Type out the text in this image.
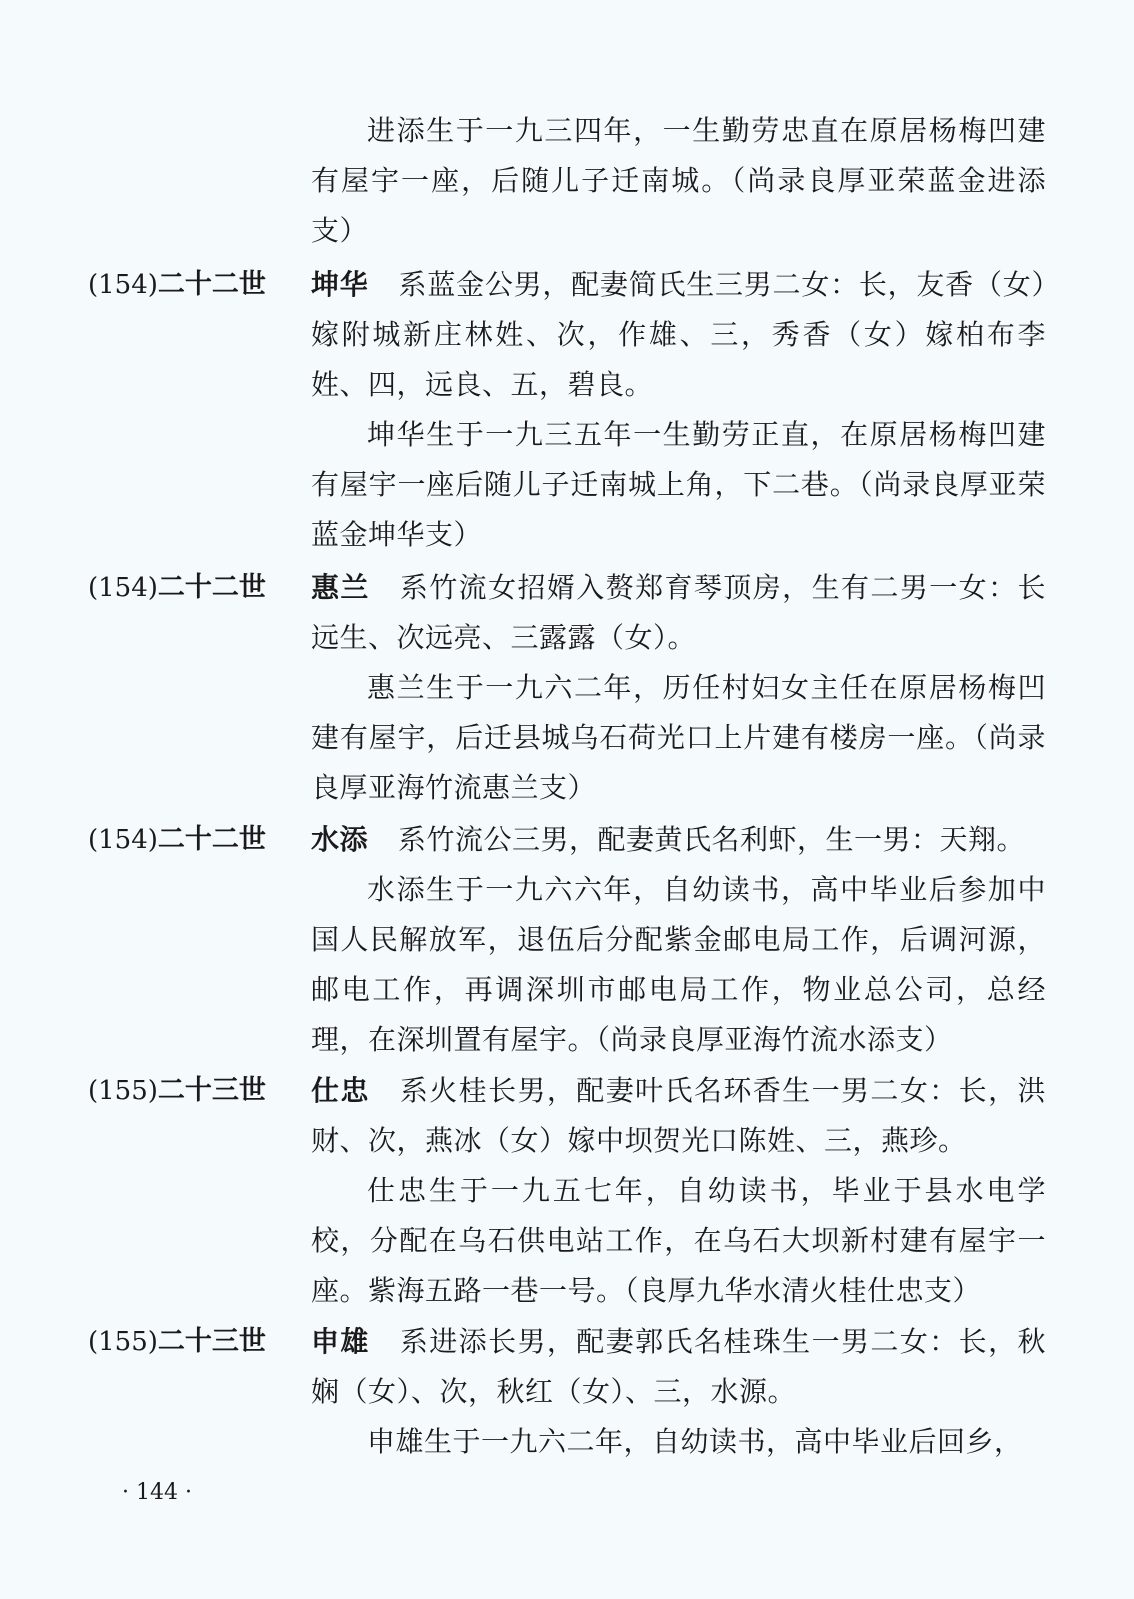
进添生于一九三四年，一生勤劳忠直在原居杨梅凹建有屋宇一座，后随儿子迁南城。（尚录良厚亚荣蓝金进添支）

(154)二十二世 坤华 系蓝金公男，配妻简氏生三男二女：长，友香（女）嫁附城新庄林姓、次，作雄、三，秀香（女）嫁柏布李姓、四，远良、五，碧良。

坤华生于一九三五年一生勤劳正直，在原居杨梅凹建有屋宇一座后随儿子迁南城上角，下二巷。（尚录良厚亚荣蓝金坤华支）

(154)二十二世 惠兰 系竹流女招婿入赘郑育琴顶房，生有二男一女：长远生、次远亮、三露露（女）。

惠兰生于一九六二年，历任村妇女主任在原居杨梅凹建有屋宇，后迁县城乌石荷光口上片建有楼房一座。（尚录良厚亚海竹流惠兰支）

(154)二十二世 水添 系竹流公三男，配妻黄氏名利虾，生一男：天翔。

水添生于一九六六年，自幼读书，高中毕业后参加中国人民解放军，退伍后分配紫金邮电局工作，后调河源，邮电工作，再调深圳市邮电局工作，物业总公司，总经理，在深圳置有屋宇。（尚录良厚亚海竹流水添支）

(155)二十三世 仕忠 系火桂长男，配妻叶氏名环香生一男二女：长，洪财、次，燕冰（女）嫁中坝贺光口陈姓、三，燕珍。

仕忠生于一九五七年，自幼读书，毕业于县水电学校，分配在乌石供电站工作，在乌石大坝新村建有屋宇一座。紫海五路一巷一号。（良厚九华水清火桂仕忠支）

(155)二十三世 申雄 系进添长男，配妻郭氏名桂珠生一男二女：长，秋娴（女）、次，秋红（女）、三，水源。

申雄生于一九六二年，自幼读书，高中毕业后回乡，

· 144 ·
